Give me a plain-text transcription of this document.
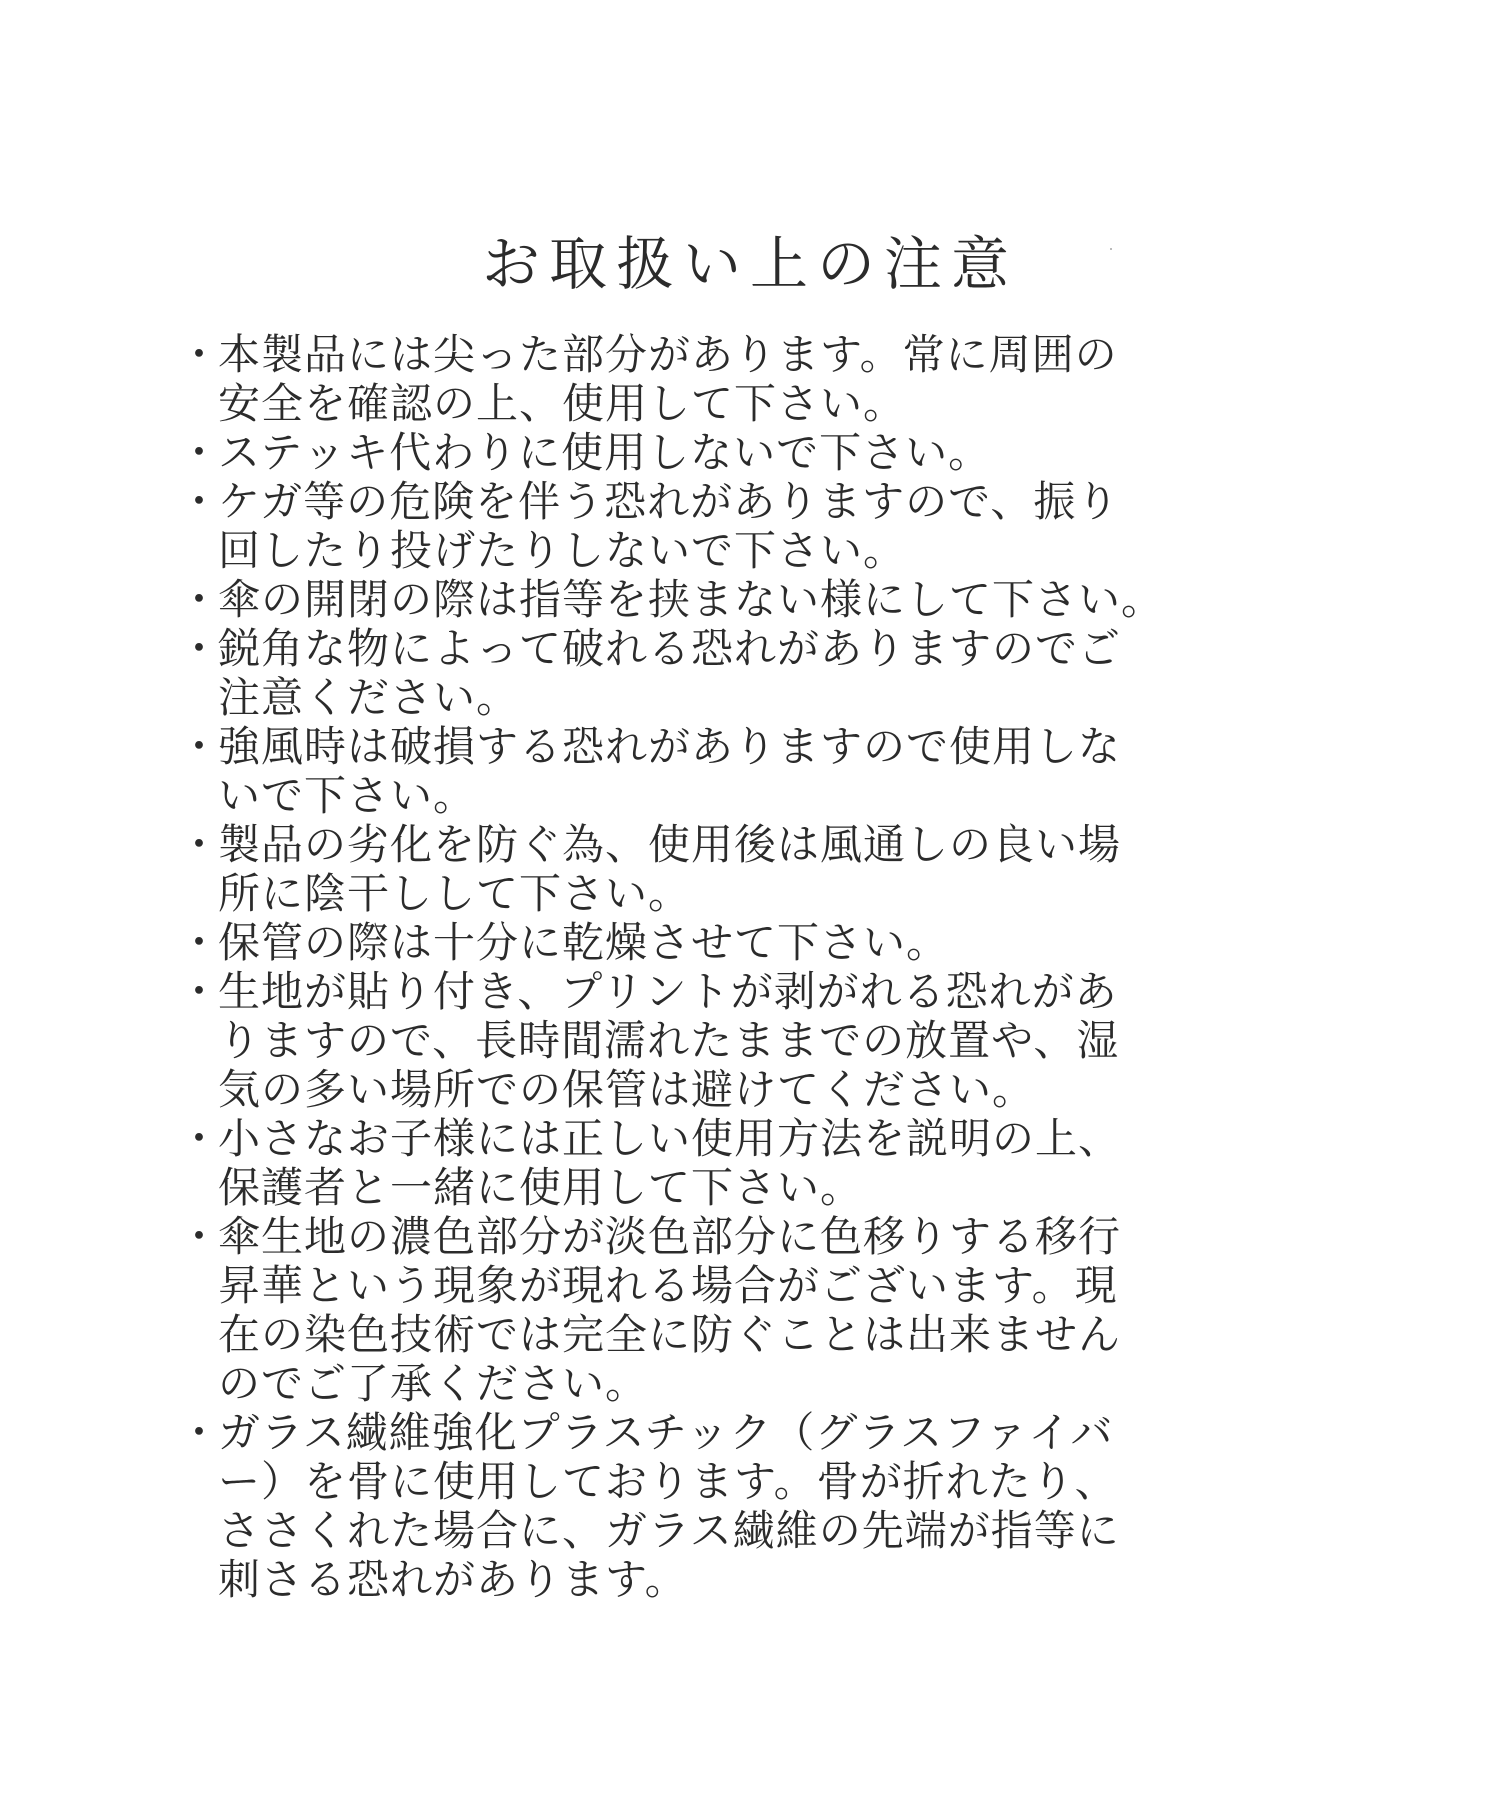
お取扱い上の注意
・
本製品には尖った部分があります。常に周囲の
安全を確認の上、使用して下さい。
・
ステッキ代わりに使用しないで下さい。
・
ケガ等の危険を伴う恐れがありますので、振り
回したり投げたりしないで下さい。
・
傘の開閉の際は指等を挟まない様にして下さい。
・
鋭角な物によって破れる恐れがありますのでご
注意ください。
・
強風時は破損する恐れがありますので使用しな
いで下さい。
・
製品の劣化を防ぐ為、使用後は風通しの良い場
所に陰干しして下さい。
・
保管の際は十分に乾燥させて下さい。
・
生地が貼り付き、プリントが剥がれる恐れがあ
りますので、長時間濡れたままでの放置や、湿
気の多い場所での保管は避けてください。
・
小さなお子様には正しい使用方法を説明の上、
保護者と一緒に使用して下さい。
・
傘生地の濃色部分が淡色部分に色移りする移行
昇華という現象が現れる場合がございます。現
在の染色技術では完全に防ぐことは出来ません
のでご了承ください。
・
ガラス繊維強化プラスチック（グラスファイバ
ー）を骨に使用しております。骨が折れたり、
ささくれた場合に、ガラス繊維の先端が指等に
刺さる恐れがあります。
